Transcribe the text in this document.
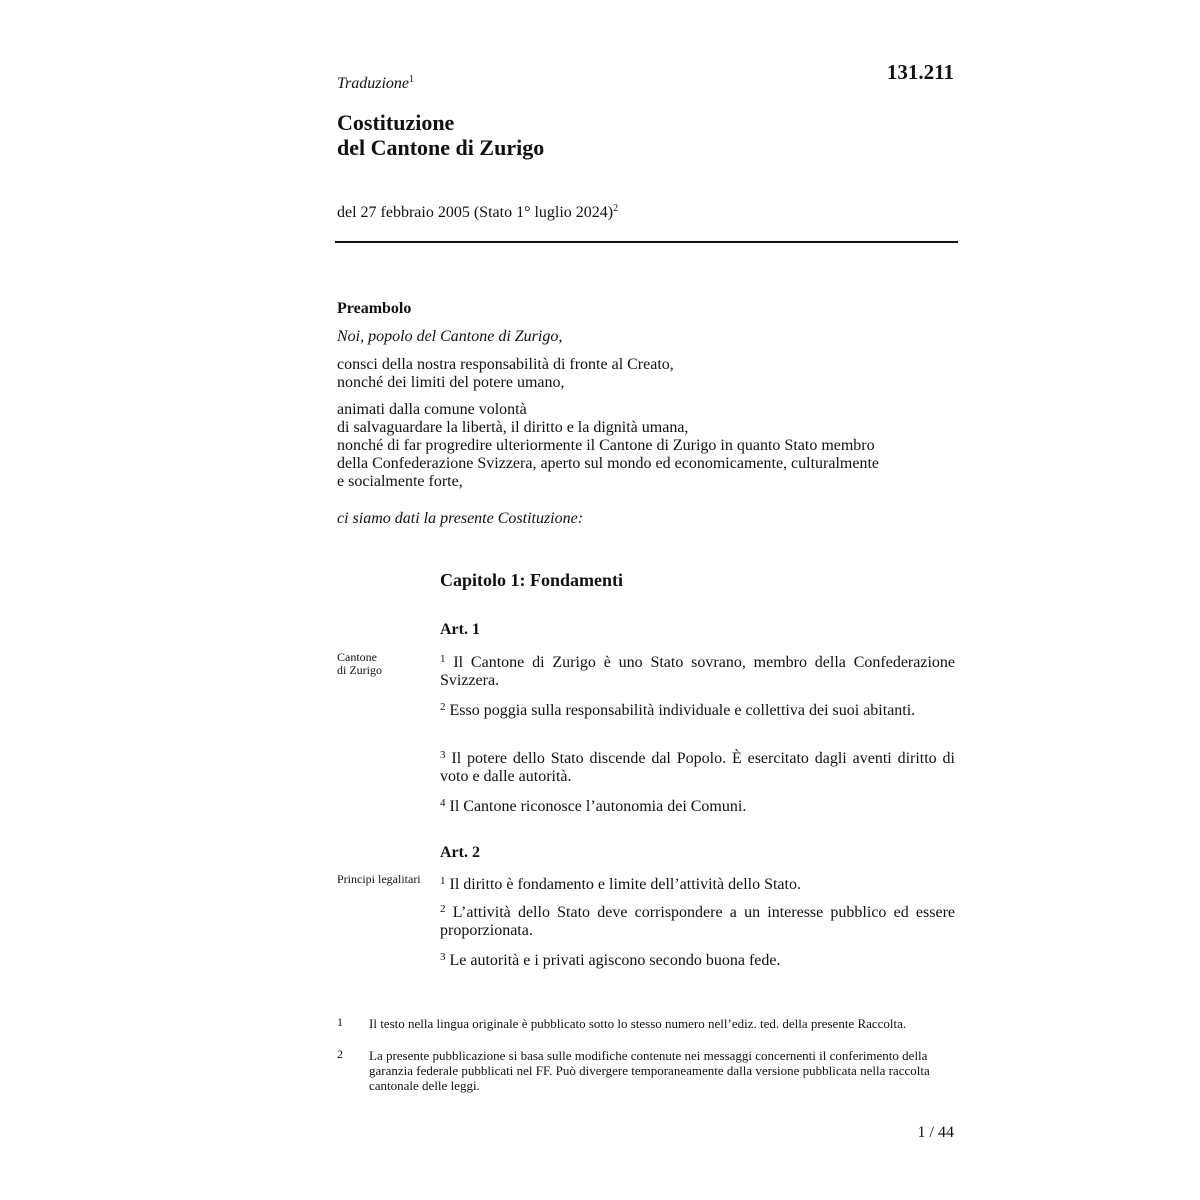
131.211
Traduzione$^1$
Costituzione
del Cantone di Zurigo
del 27 febbraio 2005 (Stato 1° luglio 2024)$^2$
Preambolo
Noi, popolo del Cantone di Zurigo,
consci della nostra responsabilità di fronte al Creato,
nonché dei limiti del potere umano,
animati dalla comune volontà
di salvaguardare la libertà, il diritto e la dignità umana,
nonché di far progredire ulteriormente il Cantone di Zurigo in quanto Stato membro
della Confederazione Svizzera, aperto sul mondo ed economicamente, culturalmente
e socialmente forte,
ci siamo dati la presente Costituzione:
Capitolo 1: Fondamenti
Art. 1
Cantone
di Zurigo
$^1$ Il Cantone di Zurigo è uno Stato sovrano, membro della Confederazione Svizzera.
$^2$ Esso poggia sulla responsabilità individuale e collettiva dei suoi abitanti.
$^3$ Il potere dello Stato discende dal Popolo. È esercitato dagli aventi diritto di voto e dalle autorità.
$^4$ Il Cantone riconosce l’autonomia dei Comuni.
Art. 2
Principi legalitari	$^1$ Il diritto è fondamento e limite dell’attività dello Stato.
$^2$ L’attività dello Stato deve corrispondere a un interesse pubblico ed essere proporzionata.
$^3$ Le autorità e i privati agiscono secondo buona fede.
1 Il testo nella lingua originale è pubblicato sotto lo stesso numero nell’ediz. ted. della presente Raccolta.
2 La presente pubblicazione si basa sulle modifiche contenute nei messaggi concernenti il conferimento della garanzia federale pubblicati nel FF. Può divergere temporaneamente dalla versione pubblicata nella raccolta cantonale delle leggi.
1 / 44
